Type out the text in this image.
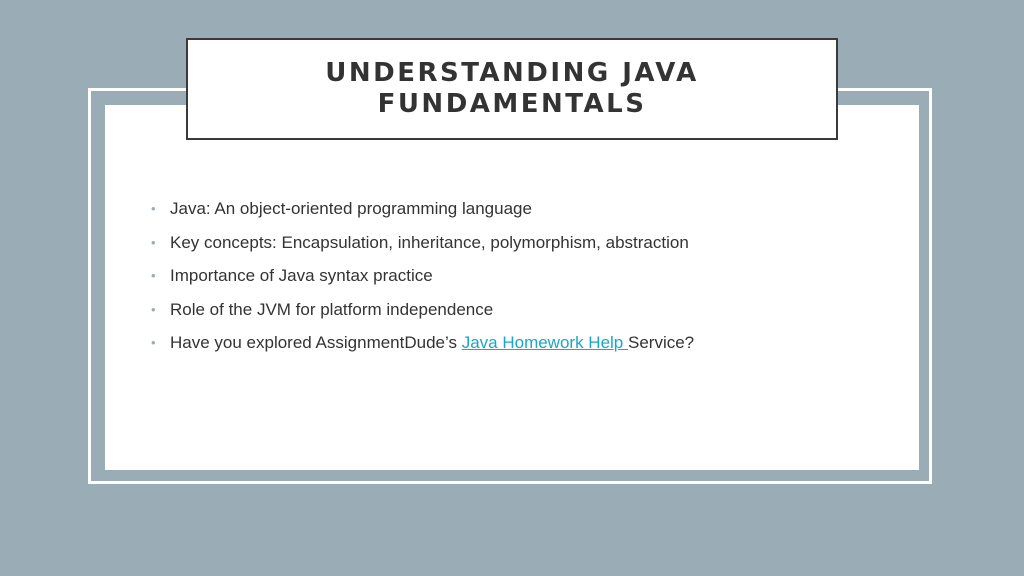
UNDERSTANDING JAVA FUNDAMENTALS
• Java: An object-oriented programming language
• Key concepts: Encapsulation, inheritance, polymorphism, abstraction
• Importance of Java syntax practice
• Role of the JVM for platform independence
• Have you explored AssignmentDude’s Java Homework Help Service?
